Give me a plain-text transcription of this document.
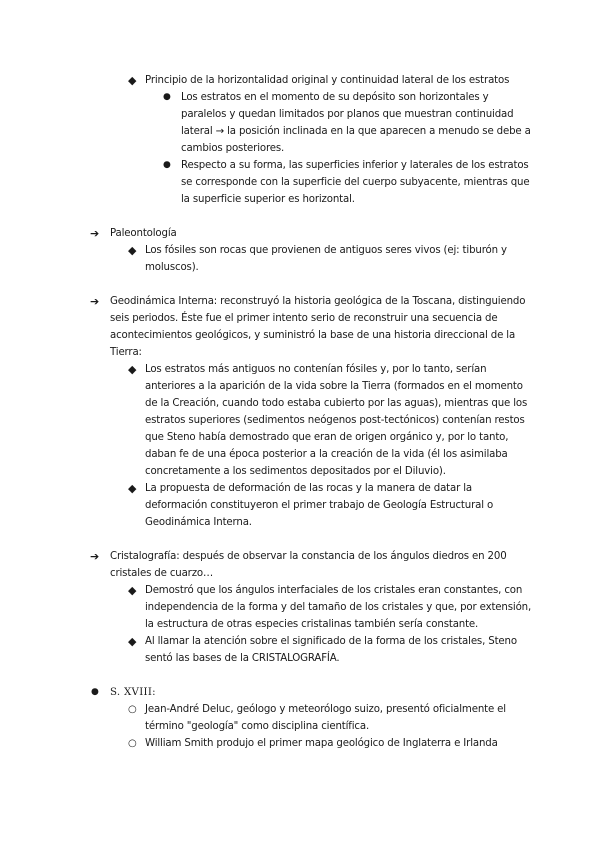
◆ Principio de la horizontalidad original y continuidad lateral de los estratos
● Los estratos en el momento de su depósito son horizontales y
paralelos y quedan limitados por planos que muestran continuidad
lateral → la posición inclinada en la que aparecen a menudo se debe a
cambios posteriores.
● Respecto a su forma, las superficies inferior y laterales de los estratos
se corresponde con la superficie del cuerpo subyacente, mientras que
la superficie superior es horizontal.
➔ Paleontología
◆ Los fósiles son rocas que provienen de antiguos seres vivos (ej: tiburón y
moluscos).
➔ Geodinámica Interna: reconstruyó la historia geológica de la Toscana, distinguiendo
seis periodos. Éste fue el primer intento serio de reconstruir una secuencia de
acontecimientos geológicos, y suministró la base de una historia direccional de la
Tierra:
◆ Los estratos más antiguos no contenían fósiles y, por lo tanto, serían
anteriores a la aparición de la vida sobre la Tierra (formados en el momento
de la Creación, cuando todo estaba cubierto por las aguas), mientras que los
estratos superiores (sedimentos neógenos post-tectónicos) contenían restos
que Steno había demostrado que eran de origen orgánico y, por lo tanto,
daban fe de una época posterior a la creación de la vida (él los asimilaba
concretamente a los sedimentos depositados por el Diluvio).
◆ La propuesta de deformación de las rocas y la manera de datar la
deformación constituyeron el primer trabajo de Geología Estructural o
Geodinámica Interna.
➔ Cristalografía: después de observar la constancia de los ángulos diedros en 200
cristales de cuarzo…
◆ Demostró que los ángulos interfaciales de los cristales eran constantes, con
independencia de la forma y del tamaño de los cristales y que, por extensión,
la estructura de otras especies cristalinas también sería constante.
◆ Al llamar la atención sobre el significado de la forma de los cristales, Steno
sentó las bases de la CRISTALOGRAFÍA.
● S. XVIII:
○ Jean-André Deluc, geólogo y meteorólogo suizo, presentó oficialmente el
término "geología" como disciplina científica.
○ William Smith produjo el primer mapa geológico de Inglaterra e Irlanda
